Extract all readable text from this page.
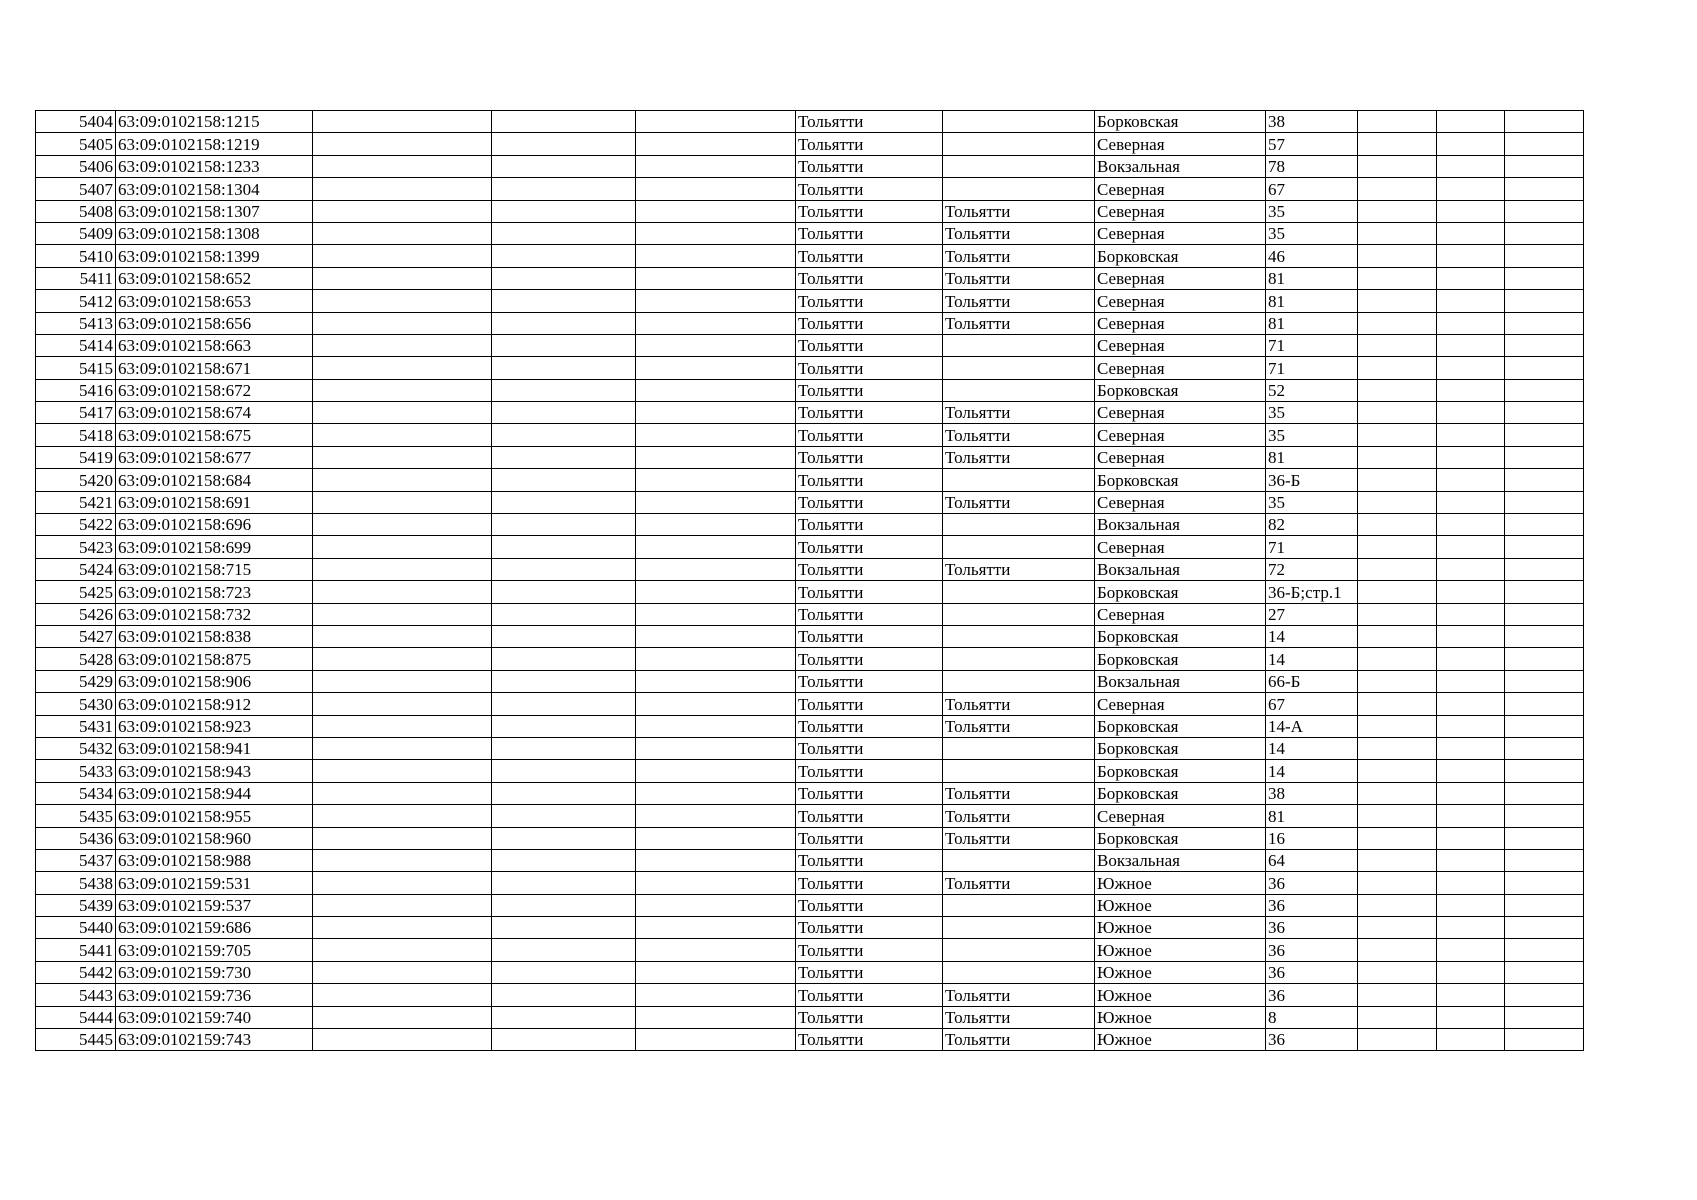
5404	63:09:0102158:1215				Тольятти		Борковская	38			
5405	63:09:0102158:1219				Тольятти		Северная	57			
5406	63:09:0102158:1233				Тольятти		Вокзальная	78			
5407	63:09:0102158:1304				Тольятти		Северная	67			
5408	63:09:0102158:1307				Тольятти	Тольятти	Северная	35			
5409	63:09:0102158:1308				Тольятти	Тольятти	Северная	35			
5410	63:09:0102158:1399				Тольятти	Тольятти	Борковская	46			
5411	63:09:0102158:652				Тольятти	Тольятти	Северная	81			
5412	63:09:0102158:653				Тольятти	Тольятти	Северная	81			
5413	63:09:0102158:656				Тольятти	Тольятти	Северная	81			
5414	63:09:0102158:663				Тольятти		Северная	71			
5415	63:09:0102158:671				Тольятти		Северная	71			
5416	63:09:0102158:672				Тольятти		Борковская	52			
5417	63:09:0102158:674				Тольятти	Тольятти	Северная	35			
5418	63:09:0102158:675				Тольятти	Тольятти	Северная	35			
5419	63:09:0102158:677				Тольятти	Тольятти	Северная	81			
5420	63:09:0102158:684				Тольятти		Борковская	36-Б			
5421	63:09:0102158:691				Тольятти	Тольятти	Северная	35			
5422	63:09:0102158:696				Тольятти		Вокзальная	82			
5423	63:09:0102158:699				Тольятти		Северная	71			
5424	63:09:0102158:715				Тольятти	Тольятти	Вокзальная	72			
5425	63:09:0102158:723				Тольятти		Борковская	36-Б;стр.1			
5426	63:09:0102158:732				Тольятти		Северная	27			
5427	63:09:0102158:838				Тольятти		Борковская	14			
5428	63:09:0102158:875				Тольятти		Борковская	14			
5429	63:09:0102158:906				Тольятти		Вокзальная	66-Б			
5430	63:09:0102158:912				Тольятти	Тольятти	Северная	67			
5431	63:09:0102158:923				Тольятти	Тольятти	Борковская	14-А			
5432	63:09:0102158:941				Тольятти		Борковская	14			
5433	63:09:0102158:943				Тольятти		Борковская	14			
5434	63:09:0102158:944				Тольятти	Тольятти	Борковская	38			
5435	63:09:0102158:955				Тольятти	Тольятти	Северная	81			
5436	63:09:0102158:960				Тольятти	Тольятти	Борковская	16			
5437	63:09:0102158:988				Тольятти		Вокзальная	64			
5438	63:09:0102159:531				Тольятти	Тольятти	Южное	36			
5439	63:09:0102159:537				Тольятти		Южное	36			
5440	63:09:0102159:686				Тольятти		Южное	36			
5441	63:09:0102159:705				Тольятти		Южное	36			
5442	63:09:0102159:730				Тольятти		Южное	36			
5443	63:09:0102159:736				Тольятти	Тольятти	Южное	36			
5444	63:09:0102159:740				Тольятти	Тольятти	Южное	8			
5445	63:09:0102159:743				Тольятти	Тольятти	Южное	36			
